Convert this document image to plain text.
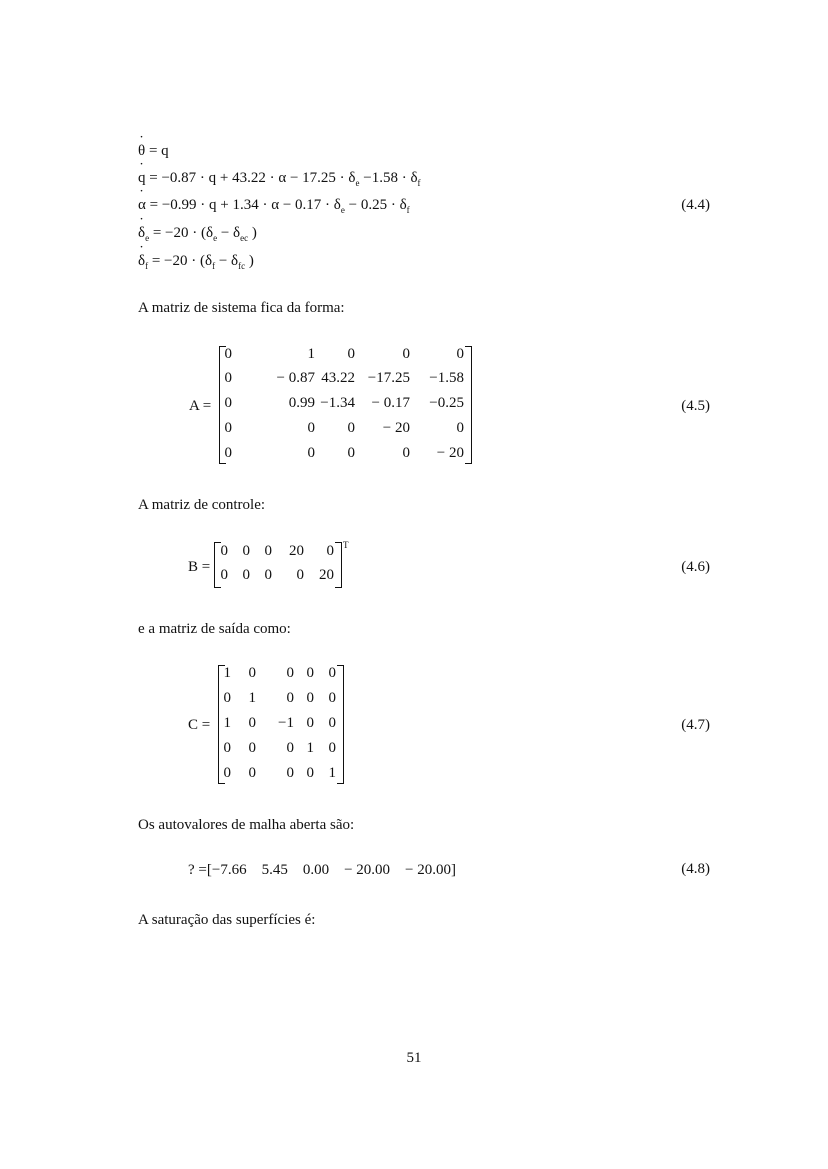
˙ θ = q
˙ $q = -0.87 \cdot q + 43.22 \cdot \alpha - 17.25 \cdot \delta_e -1.58 \cdot \delta_f$
˙ $\alpha = -0.99 \cdot q + 1.34 \cdot \alpha - 0.17 \cdot \delta_e - 0.25 \cdot \delta_f$	(4.4)
˙ $\delta_e = -20 \cdot (\delta_e - \delta_{ec}$ )
˙ $\delta_f = -20 \cdot (\delta_f - \delta_{fc}$ )
A matriz de sistema fica da forma:
A =
0	1 0	0	0
0	− 0.87 43.22 −17.25 −1.58
0	0.99 −1.34 − 0.17 −0.25
0	0 0 − 20	0
0	0 0	0 − 20
(4.5)
A matriz de controle:
B =
0 0 0 20 0
0 0 0 0 20
T
(4.6)
e a matriz de saída como:
C =
1 0 0 0 0
0 1 0 0 0
1 0 −1 0 0
0 0 0 1 0
0 0 0 0 1
(4.7)
Os autovalores de malha aberta são:
? =[−7.66    5.45    0.00    − 20.00    − 20.00]	(4.8)
A saturação das superfícies é:
51
